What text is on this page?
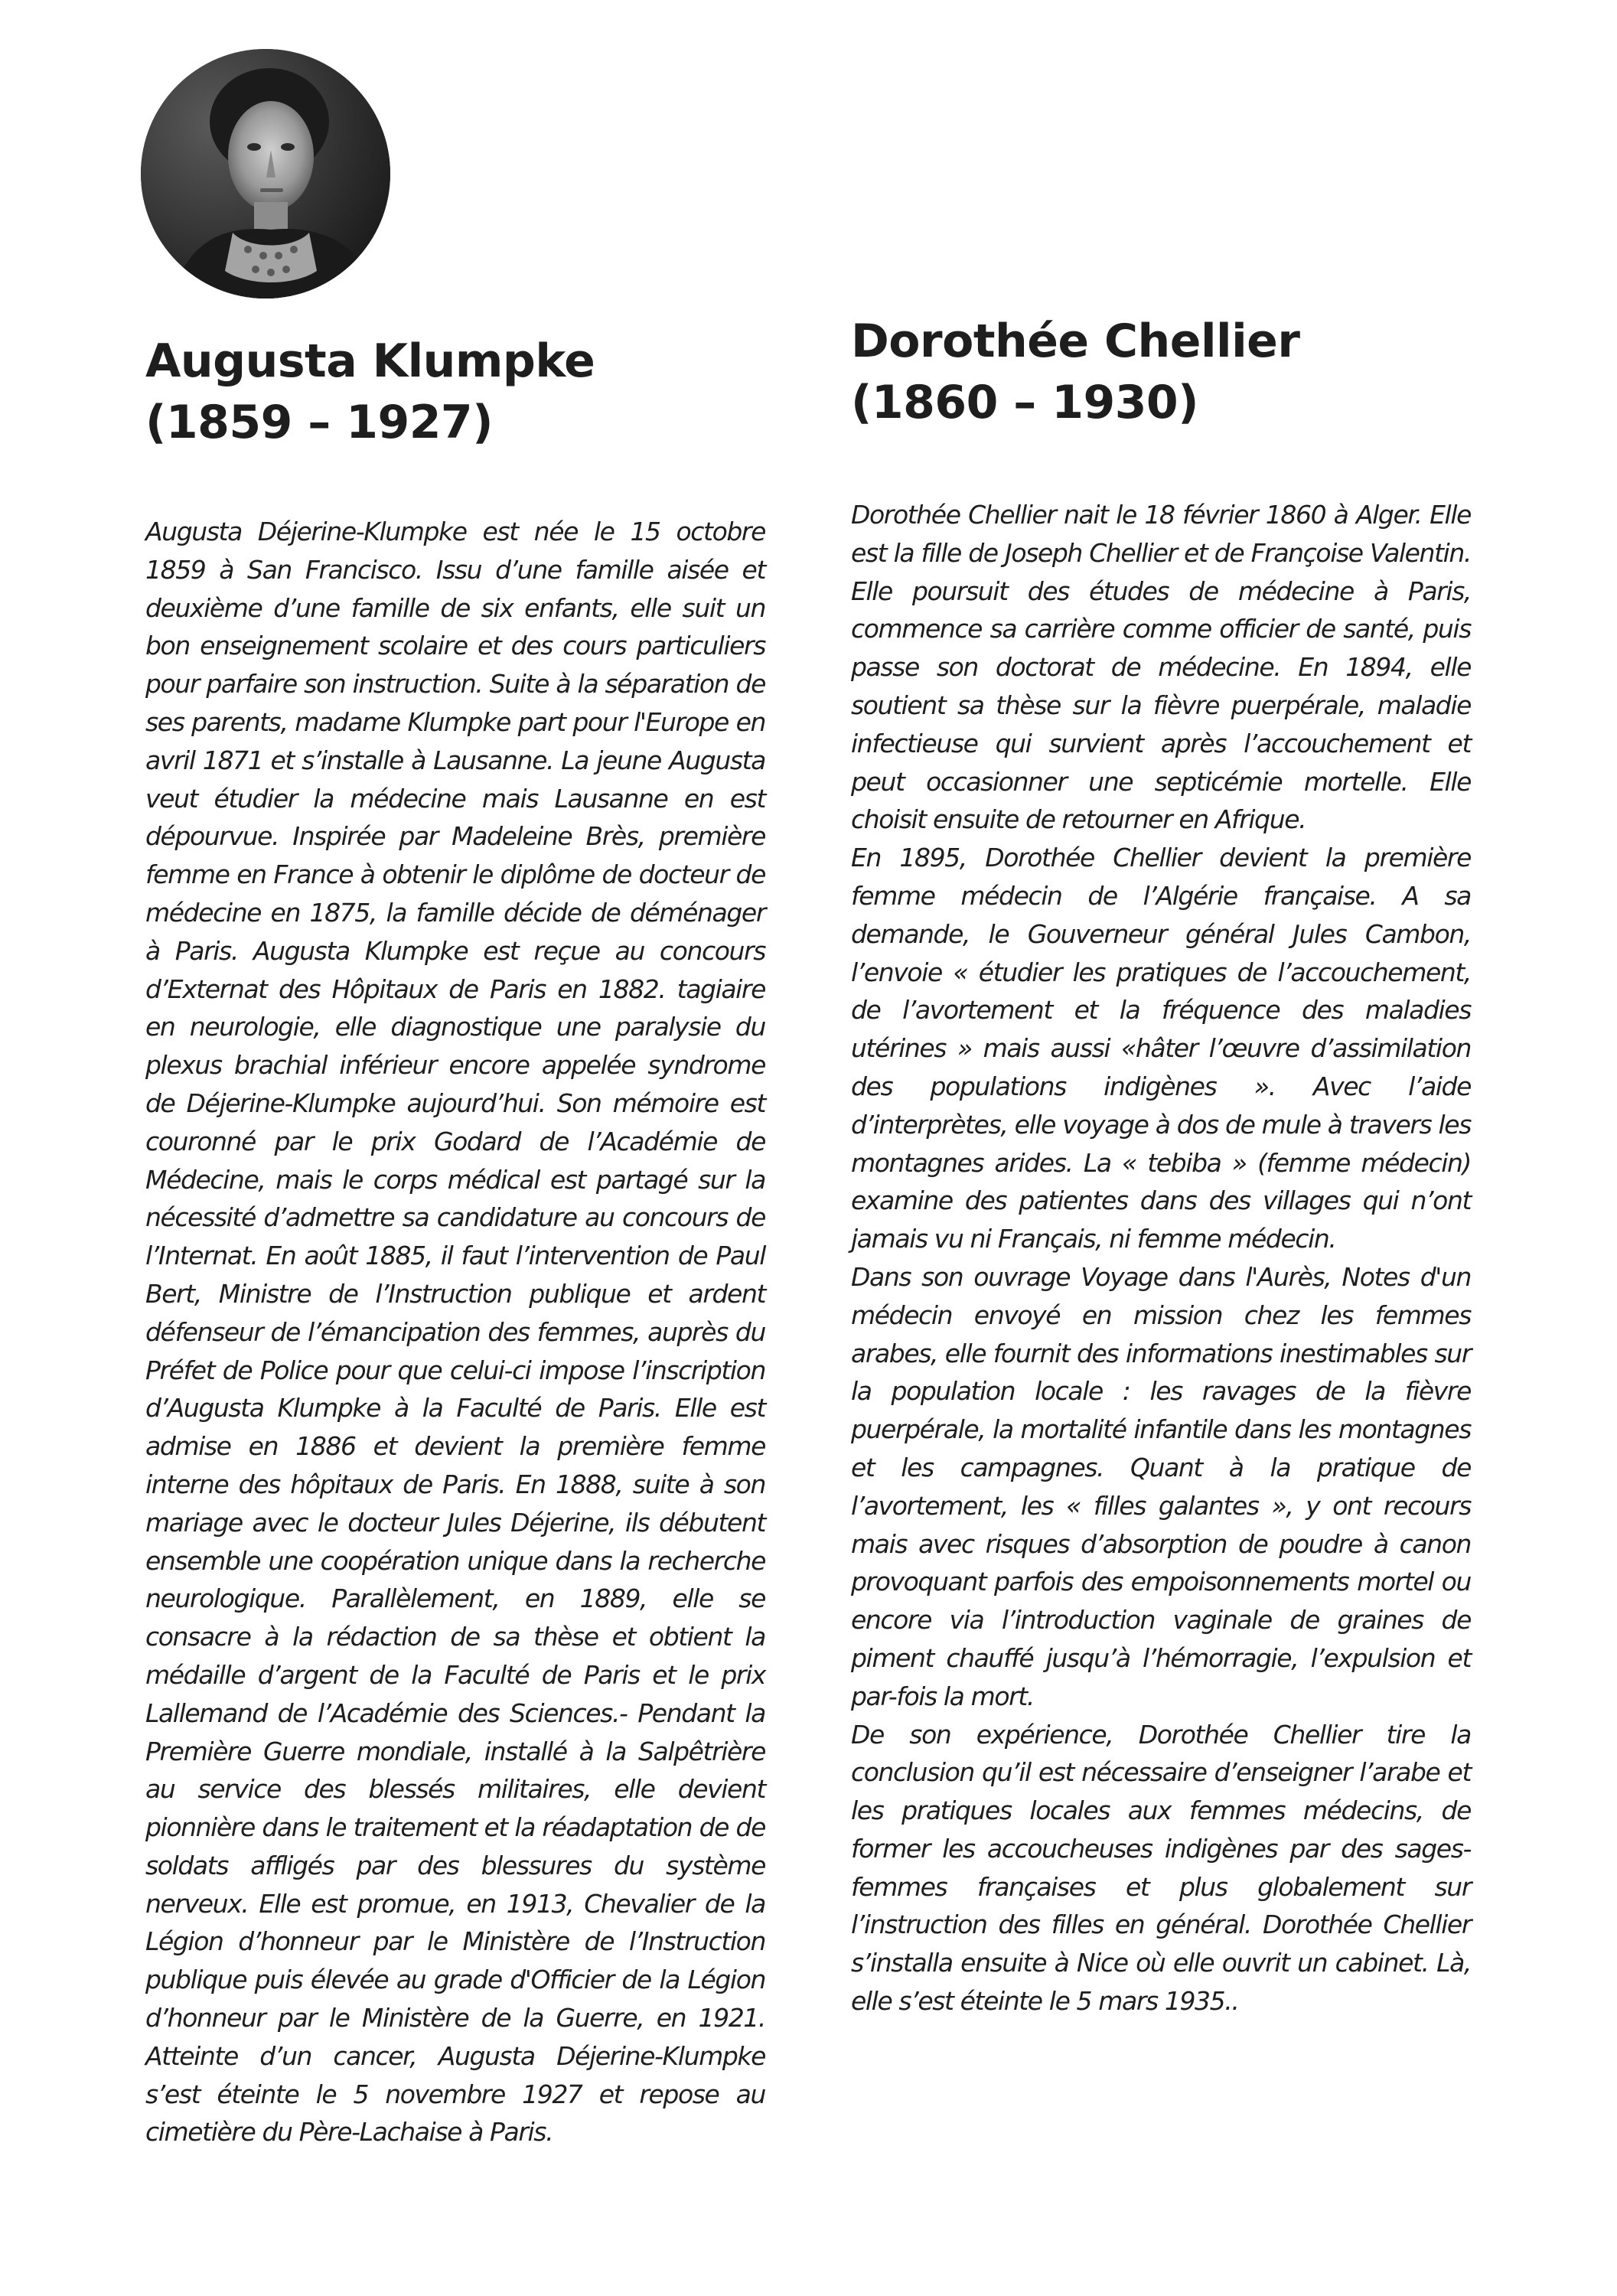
Augusta Klumpke
(1859 – 1927)
Dorothée Chellier
(1860 – 1930)

Augusta Déjerine-Klumpke est née le 15 octobre 1859 à San Francisco. Issu d’une famille aisée et deuxième d’une famille de six enfants, elle suit un bon enseignement scolaire et des cours particuliers pour parfaire son instruction. Suite à la séparation de ses parents, madame Klumpke part pour l'Europe en avril 1871 et s’installe à Lausanne. La jeune Augusta veut étudier la médecine mais Lausanne en est dépourvue. Inspirée par Madeleine Brès, première femme en France à obtenir le diplôme de docteur de médecine en 1875, la famille décide de déménager à Paris. Augusta Klumpke est reçue au concours d’Externat des Hôpitaux de Paris en 1882. tagiaire en neurologie, elle diagnostique une paralysie du plexus brachial inférieur encore appelée syndrome de Déjerine-Klumpke aujourd’hui. Son mémoire est couronné par le prix Godard de l’Académie de Médecine, mais le corps médical est partagé sur la nécessité d’admettre sa candidature au concours de l’Internat. En août 1885, il faut l’intervention de Paul Bert, Ministre de l’Instruction publique et ardent défenseur de l’émancipation des femmes, auprès du Préfet de Police pour que celui-ci impose l’inscription d’Augusta Klumpke à la Faculté de Paris. Elle est admise en 1886 et devient la première femme interne des hôpitaux de Paris. En 1888, suite à son mariage avec le docteur Jules Déjerine, ils débutent ensemble une coopération unique dans la recherche neurologique. Parallèlement, en 1889, elle se consacre à la rédaction de sa thèse et obtient la médaille d’argent de la Faculté de Paris et le prix Lallemand de l’Académie des Sciences.- Pendant la Première Guerre mondiale, installé à la Salpêtrière au service des blessés militaires, elle devient pionnière dans le traitement et la réadaptation de de soldats affligés par des blessures du système nerveux. Elle est promue, en 1913, Chevalier de la Légion d’honneur par le Ministère de l’Instruction publique puis élevée au grade d'Officier de la Légion d’honneur par le Ministère de la Guerre, en 1921. Atteinte d’un cancer, Augusta Déjerine-Klumpke s’est éteinte le 5 novembre 1927 et repose au cimetière du Père-Lachaise à Paris.

Dorothée Chellier nait le 18 février 1860 à Alger. Elle est la fille de Joseph Chellier et de Françoise Valentin. Elle poursuit des études de médecine à Paris, commence sa carrière comme officier de santé, puis passe son doctorat de médecine. En 1894, elle soutient sa thèse sur la fièvre puerpérale, maladie infectieuse qui survient après l’accouchement et peut occasionner une septicémie mortelle. Elle choisit ensuite de retourner en Afrique.

En 1895, Dorothée Chellier devient la première femme médecin de l’Algérie française. A sa demande, le Gouverneur général Jules Cambon, l’envoie « étudier les pratiques de l’accouchement, de l’avortement et la fréquence des maladies utérines » mais aussi «hâter l’œuvre d’assimilation des populations indigènes ». Avec l’aide d’interprètes, elle voyage à dos de mule à travers les montagnes arides. La « tebiba » (femme médecin) examine des patientes dans des villages qui n’ont jamais vu ni Français, ni femme médecin.

Dans son ouvrage Voyage dans l'Aurès, Notes d'un médecin envoyé en mission chez les femmes arabes, elle fournit des informations inestimables sur la population locale : les ravages de la fièvre puerpérale, la mortalité infantile dans les montagnes et les campagnes. Quant à la pratique de l’avortement, les « filles galantes », y ont recours mais avec risques d’absorption de poudre à canon provoquant parfois des empoisonnements mortel ou encore via l’introduction vaginale de graines de piment chauffé jusqu’à l’hémorragie, l’expulsion et par-fois la mort.

De son expérience, Dorothée Chellier tire la conclusion qu’il est nécessaire d’enseigner l’arabe et les pratiques locales aux femmes médecins, de former les accoucheuses indigènes par des sages-femmes françaises et plus globalement sur l’instruction des filles en général. Dorothée Chellier s’installa ensuite à Nice où elle ouvrit un cabinet. Là, elle s’est éteinte le 5 mars 1935..
